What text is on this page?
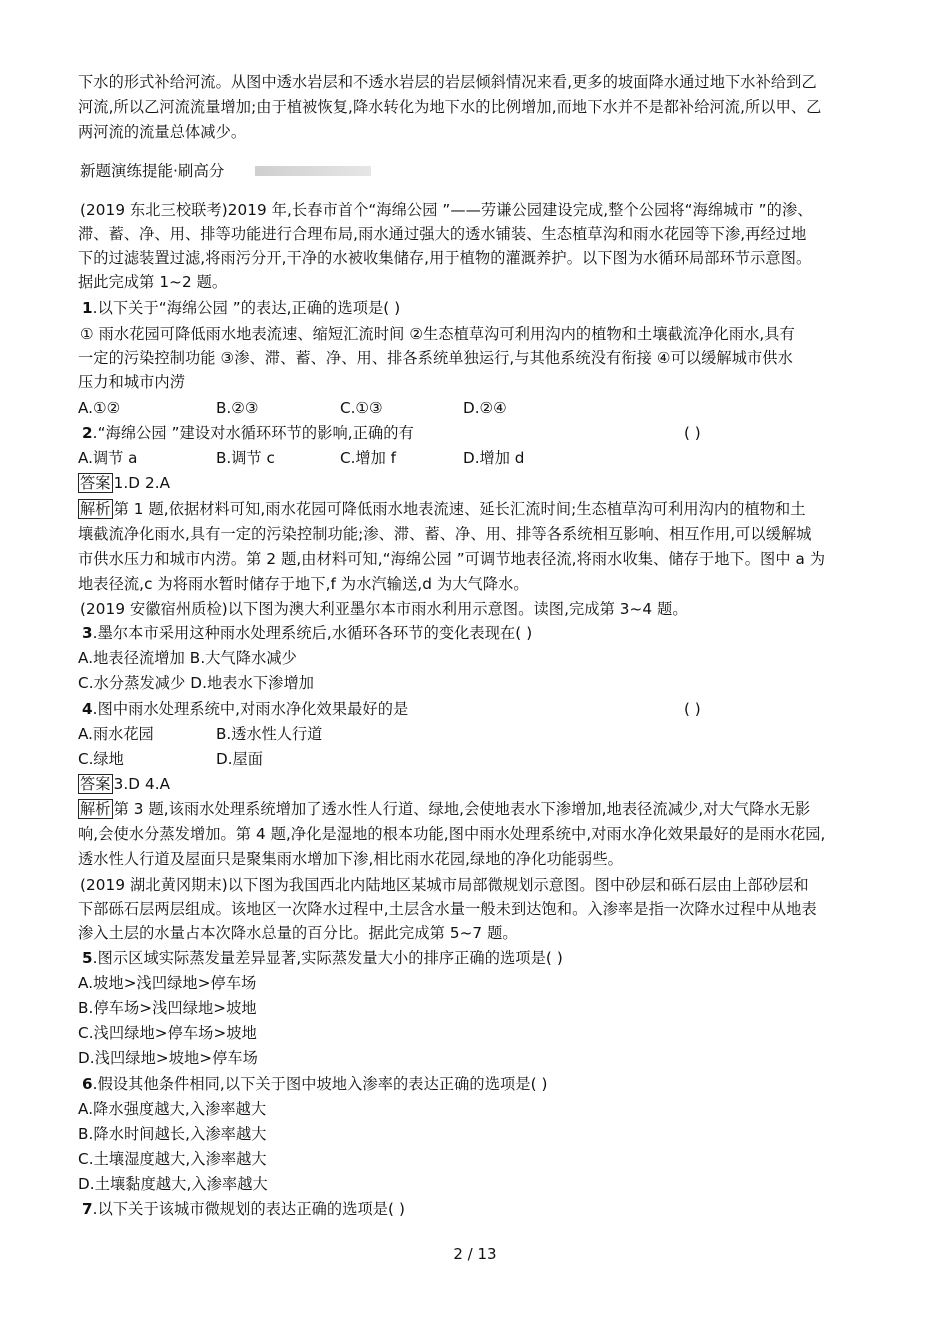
下水的形式补给河流。从图中透水岩层和不透水岩层的岩层倾斜情况来看,更多的坡面降水通过地下水补给到乙
河流,所以乙河流流量增加;由于植被恢复,降水转化为地下水的比例增加,而地下水并不是都补给河流,所以甲、乙
两河流的流量总体减少。
新题演练提能·刷高分
(2019 东北三校联考)2019 年,长春市首个“海绵公园 ”——劳谦公园建设完成,整个公园将“海绵城市 ”的渗、
滞、蓄、净、用、排等功能进行合理布局,雨水通过强大的透水铺装、生态植草沟和雨水花园等下渗,再经过地
下的过滤装置过滤,将雨污分开,干净的水被收集储存,用于植物的灌溉养护。以下图为水循环局部环节示意图。
据此完成第 1~2 题。
1.以下关于“海绵公园 ”的表达,正确的选项是( )
① 雨水花园可降低雨水地表流速、缩短汇流时间 ②生态植草沟可利用沟内的植物和土壤截流净化雨水,具有
一定的污染控制功能 ③渗、滞、蓄、净、用、排各系统单独运行,与其他系统没有衔接 ④可以缓解城市供水
压力和城市内涝
A.①②	B.②③	C.①③	D.②④
2.“海绵公园 ”建设对水循环环节的影响,正确的有	( )
A.调节 a	B.调节 c	C.增加 f	D.增加 d
答案 1.D 2.A
解析 第 1 题,依据材料可知,雨水花园可降低雨水地表流速、延长汇流时间;生态植草沟可利用沟内的植物和土
壤截流净化雨水,具有一定的污染控制功能;渗、滞、蓄、净、用、排等各系统相互影响、相互作用,可以缓解城
市供水压力和城市内涝。第 2 题,由材料可知,“海绵公园 ”可调节地表径流,将雨水收集、储存于地下。图中 a 为
地表径流,c 为将雨水暂时储存于地下,f 为水汽输送,d 为大气降水。
(2019 安徽宿州质检)以下图为澳大利亚墨尔本市雨水利用示意图。读图,完成第 3~4 题。
3.墨尔本市采用这种雨水处理系统后,水循环各环节的变化表现在( )
A.地表径流增加 B.大气降水减少
C.水分蒸发减少 D.地表水下渗增加
4.图中雨水处理系统中,对雨水净化效果最好的是	( )
A.雨水花园	B.透水性人行道
C.绿地	D.屋面
答案 3.D 4.A
解析 第 3 题,该雨水处理系统增加了透水性人行道、绿地,会使地表水下渗增加,地表径流减少,对大气降水无影
响,会使水分蒸发增加。第 4 题,净化是湿地的根本功能,图中雨水处理系统中,对雨水净化效果最好的是雨水花园,
透水性人行道及屋面只是聚集雨水增加下渗,相比雨水花园,绿地的净化功能弱些。
(2019 湖北黄冈期末)以下图为我国西北内陆地区某城市局部微规划示意图。图中砂层和砾石层由上部砂层和
下部砾石层两层组成。该地区一次降水过程中,土层含水量一般未到达饱和。入渗率是指一次降水过程中从地表
渗入土层的水量占本次降水总量的百分比。据此完成第 5~7 题。
5.图示区域实际蒸发量差异显著,实际蒸发量大小的排序正确的选项是( )
A.坡地>浅凹绿地>停车场
B.停车场>浅凹绿地>坡地
C.浅凹绿地>停车场>坡地
D.浅凹绿地>坡地>停车场
6.假设其他条件相同,以下关于图中坡地入渗率的表达正确的选项是( )
A.降水强度越大,入渗率越大
B.降水时间越长,入渗率越大
C.土壤湿度越大,入渗率越大
D.土壤黏度越大,入渗率越大
7.以下关于该城市微规划的表达正确的选项是( )
2 / 13
